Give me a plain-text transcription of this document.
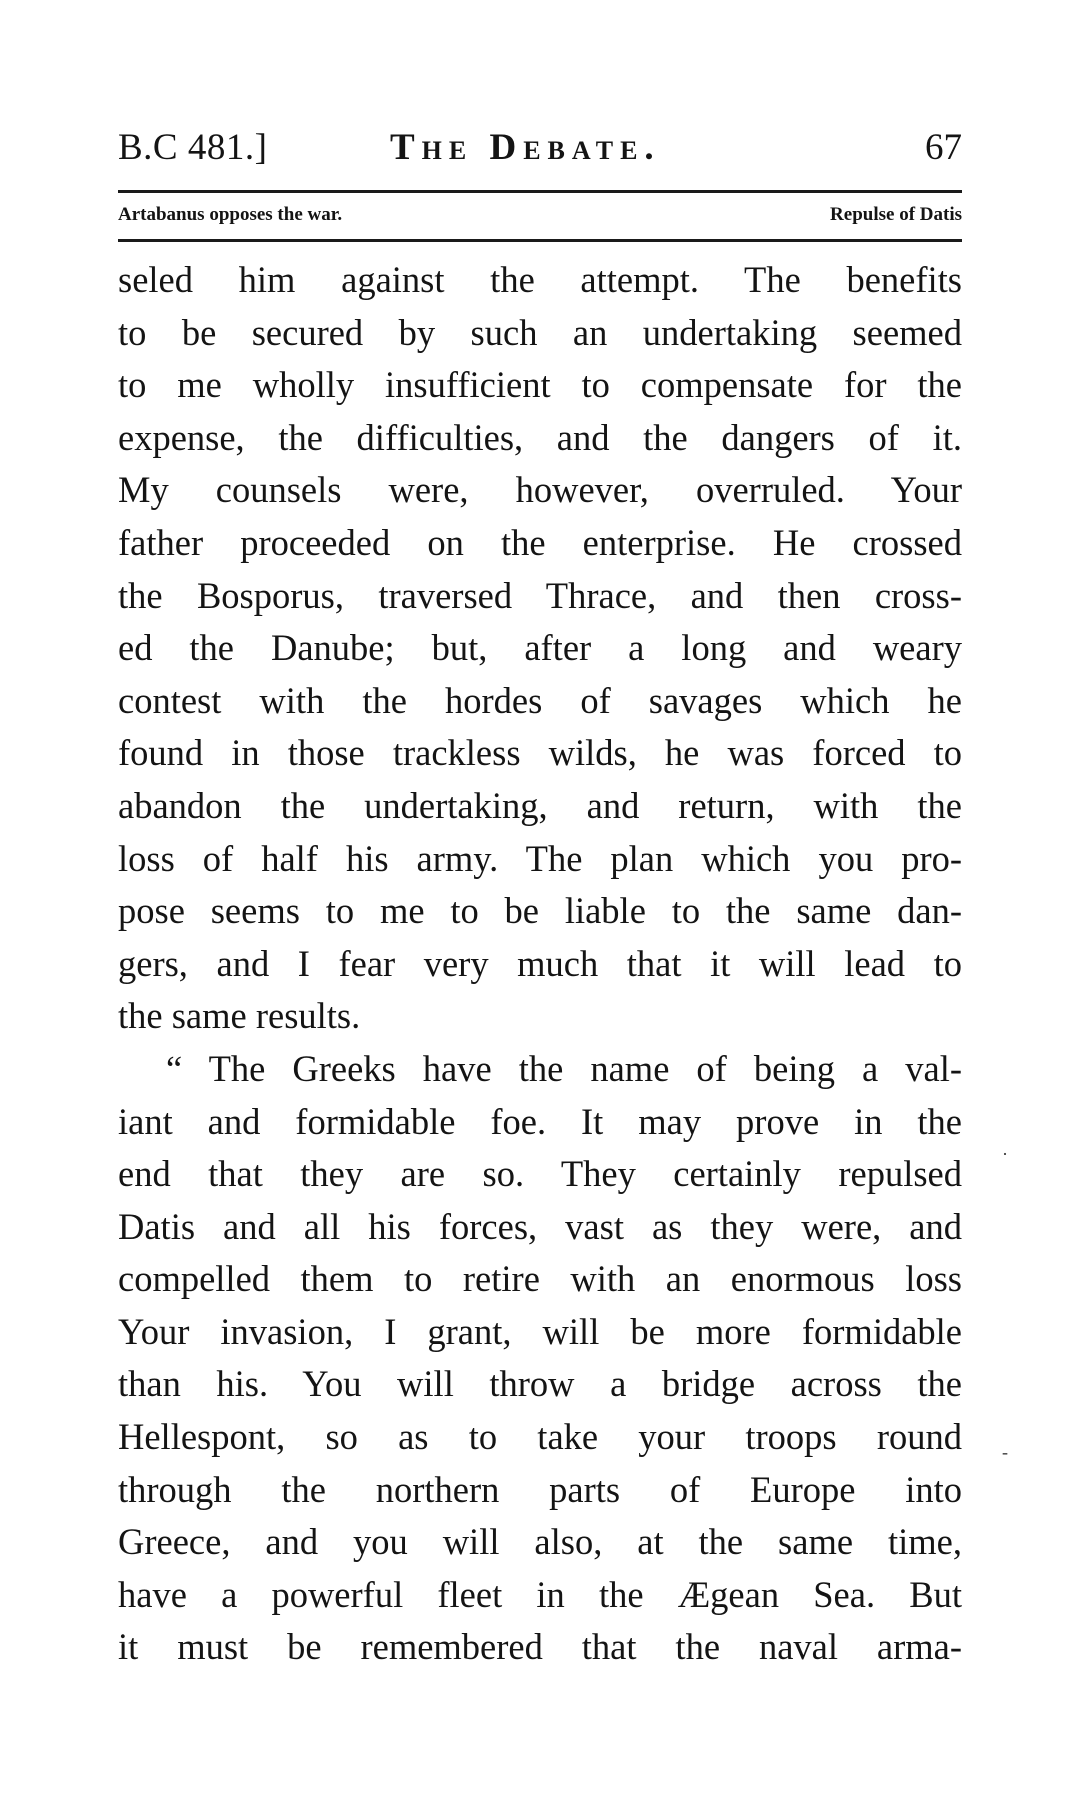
B.C 481.]	The Debate.	67
Artabanus opposes the war.	Repulse of Datis
seled him against the attempt. The benefits
to be secured by such an undertaking seemed
to me wholly insufficient to compensate for the
expense, the difficulties, and the dangers of it.
My counsels were, however, overruled. Your
father proceeded on the enterprise. He crossed
the Bosporus, traversed Thrace, and then cross-
ed the Danube; but, after a long and weary
contest with the hordes of savages which he
found in those trackless wilds, he was forced to
abandon the undertaking, and return, with the
loss of half his army. The plan which you pro-
pose seems to me to be liable to the same dan-
gers, and I fear very much that it will lead to
the same results.
“ The Greeks have the name of being a val-
iant and formidable foe. It may prove in the
end that they are so. They certainly repulsed
Datis and all his forces, vast as they were, and
compelled them to retire with an enormous loss
Your invasion, I grant, will be more formidable
than his. You will throw a bridge across the
Hellespont, so as to take your troops round
through the northern parts of Europe into
Greece, and you will also, at the same time,
have a powerful fleet in the Ægean Sea. But
it must be remembered that the naval arma-
·
-
